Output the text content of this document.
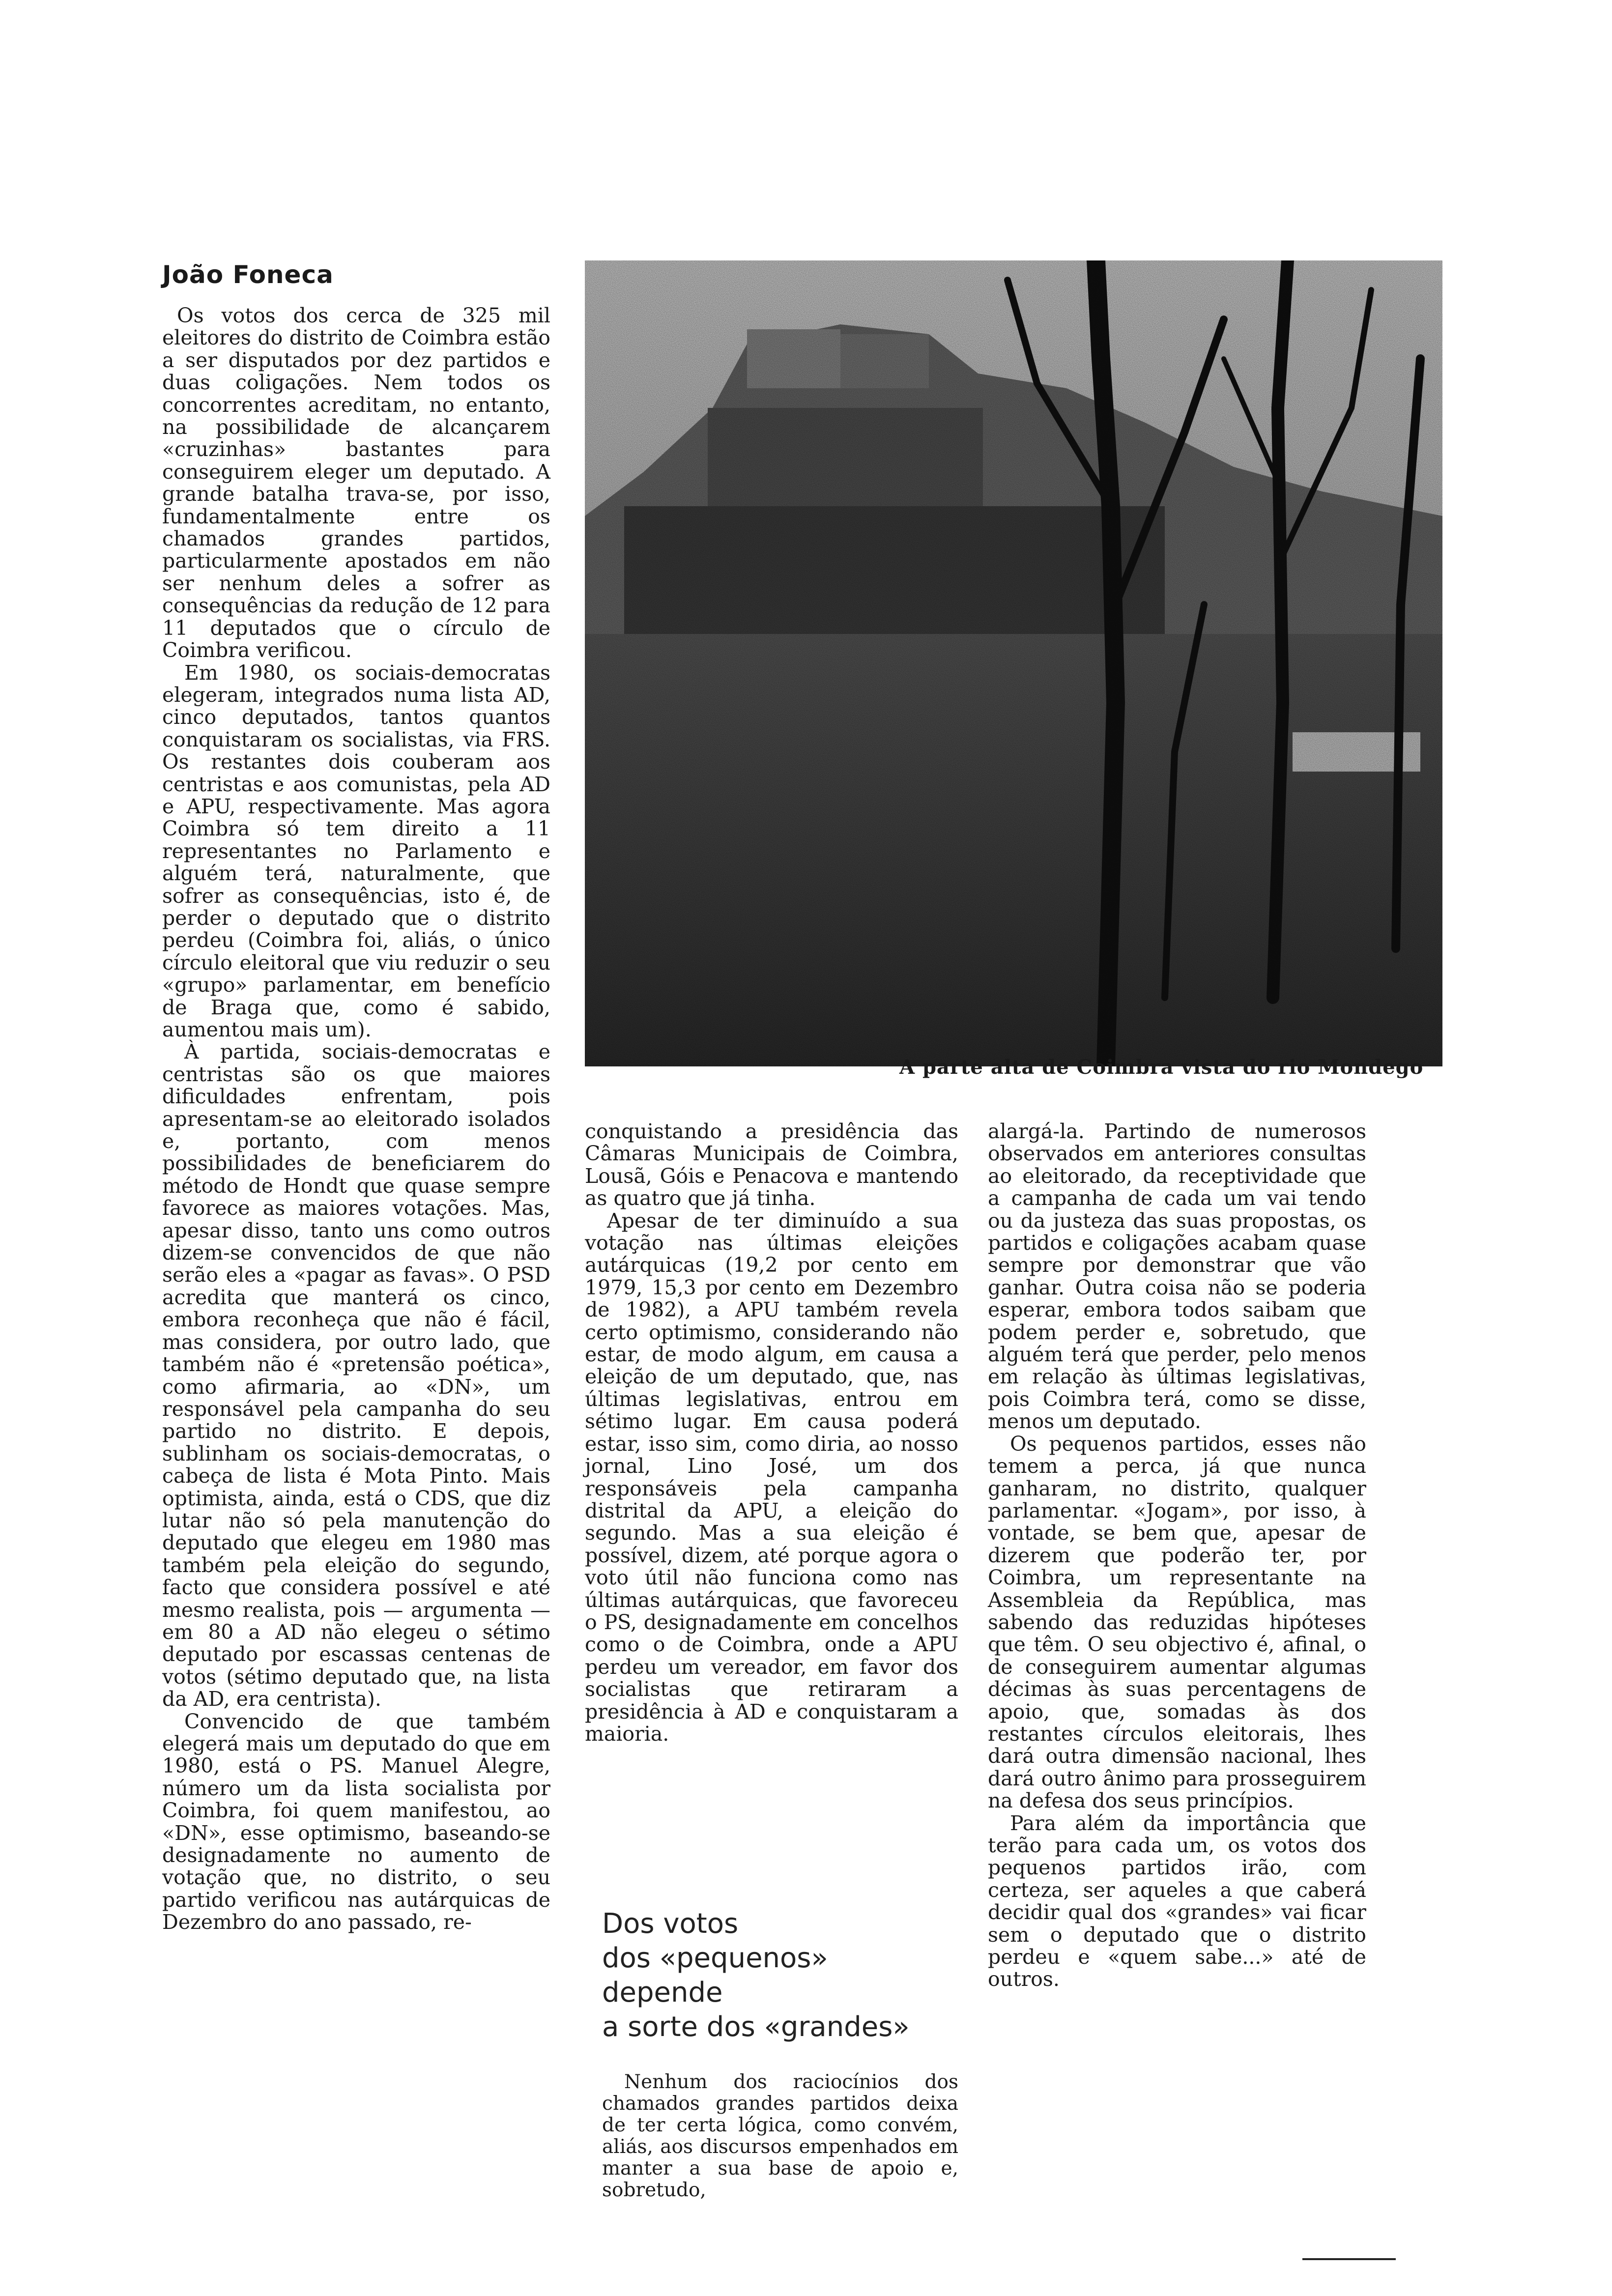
João Foneca

Os votos dos cerca de 325 mil eleitores do distrito de Coimbra estão a ser disputados por dez partidos e duas coligações. Nem todos os concorrentes acreditam, no entanto, na possibilidade de alcançarem «cruzinhas» bastantes para conseguirem eleger um deputado. A grande batalha trava-se, por isso, fundamentalmente entre os chamados grandes partidos, particularmente apostados em não ser nenhum deles a sofrer as consequências da redução de 12 para 11 deputados que o círculo de Coimbra verificou.

Em 1980, os sociais-democratas elegeram, integrados numa lista AD, cinco deputados, tantos quantos conquistaram os socialistas, via FRS. Os restantes dois couberam aos centristas e aos comunistas, pela AD e APU, respectivamente. Mas agora Coimbra só tem direito a 11 representantes no Parlamento e alguém terá, naturalmente, que sofrer as consequências, isto é, de perder o deputado que o distrito perdeu (Coimbra foi, aliás, o único círculo eleitoral que viu reduzir o seu «grupo» parlamentar, em benefício de Braga que, como é sabido, aumentou mais um).

À partida, sociais-democratas e centristas são os que maiores dificuldades enfrentam, pois apresentam-se ao eleitorado isolados e, portanto, com menos possibilidades de beneficiarem do método de Hondt que quase sempre favorece as maiores votações. Mas, apesar disso, tanto uns como outros dizem-se convencidos de que não serão eles a «pagar as favas». O PSD acredita que manterá os cinco, embora reconheça que não é fácil, mas considera, por outro lado, que também não é «pretensão poética», como afirmaria, ao «DN», um responsável pela campanha do seu partido no distrito. E depois, sublinham os sociais-democratas, o cabeça de lista é Mota Pinto. Mais optimista, ainda, está o CDS, que diz lutar não só pela manutenção do deputado que elegeu em 1980 mas também pela eleição do segundo, facto que considera possível e até mesmo realista, pois — argumenta — em 80 a AD não elegeu o sétimo deputado por escassas centenas de votos (sétimo deputado que, na lista da AD, era centrista).

Convencido de que também elegerá mais um deputado do que em 1980, está o PS. Manuel Alegre, número um da lista socialista por Coimbra, foi quem manifestou, ao «DN», esse optimismo, baseando-se designadamente no aumento de votação que, no distrito, o seu partido verificou nas autárquicas de Dezembro do ano passado, re-

A parte alta de Coimbra vista do rio Mondego

conquistando a presidência das Câmaras Municipais de Coimbra, Lousã, Góis e Penacova e mantendo as quatro que já tinha.

Apesar de ter diminuído a sua votação nas últimas eleições autárquicas (19,2 por cento em 1979, 15,3 por cento em Dezembro de 1982), a APU também revela certo optimismo, considerando não estar, de modo algum, em causa a eleição de um deputado, que, nas últimas legislativas, entrou em sétimo lugar. Em causa poderá estar, isso sim, como diria, ao nosso jornal, Lino José, um dos responsáveis pela campanha distrital da APU, a eleição do segundo. Mas a sua eleição é possível, dizem, até porque agora o voto útil não funciona como nas últimas autárquicas, que favoreceu o PS, designadamente em concelhos como o de Coimbra, onde a APU perdeu um vereador, em favor dos socialistas que retiraram a presidência à AD e conquistaram a maioria.

Dos votos
dos «pequenos»
depende
a sorte dos «grandes»

Nenhum dos raciocínios dos chamados grandes partidos deixa de ter certa lógica, como convém, aliás, aos discursos empenhados em manter a sua base de apoio e, sobretudo,

alargá-la. Partindo de numerosos observados em anteriores consultas ao eleitorado, da receptividade que a campanha de cada um vai tendo ou da justeza das suas propostas, os partidos e coligações acabam quase sempre por demonstrar que vão ganhar. Outra coisa não se poderia esperar, embora todos saibam que podem perder e, sobretudo, que alguém terá que perder, pelo menos em relação às últimas legislativas, pois Coimbra terá, como se disse, menos um deputado.

Os pequenos partidos, esses não temem a perca, já que nunca ganharam, no distrito, qualquer parlamentar. «Jogam», por isso, à vontade, se bem que, apesar de dizerem que poderão ter, por Coimbra, um representante na Assembleia da República, mas sabendo das reduzidas hipóteses que têm. O seu objectivo é, afinal, o de conseguirem aumentar algumas décimas às suas percentagens de apoio, que, somadas às dos restantes círculos eleitorais, lhes dará outra dimensão nacional, lhes dará outro ânimo para prosseguirem na defesa dos seus princípios.

Para além da importância que terão para cada um, os votos dos pequenos partidos irão, com certeza, ser aqueles a que caberá decidir qual dos «grandes» vai ficar sem o deputado que o distrito perdeu e «quem sabe...» até de outros.
